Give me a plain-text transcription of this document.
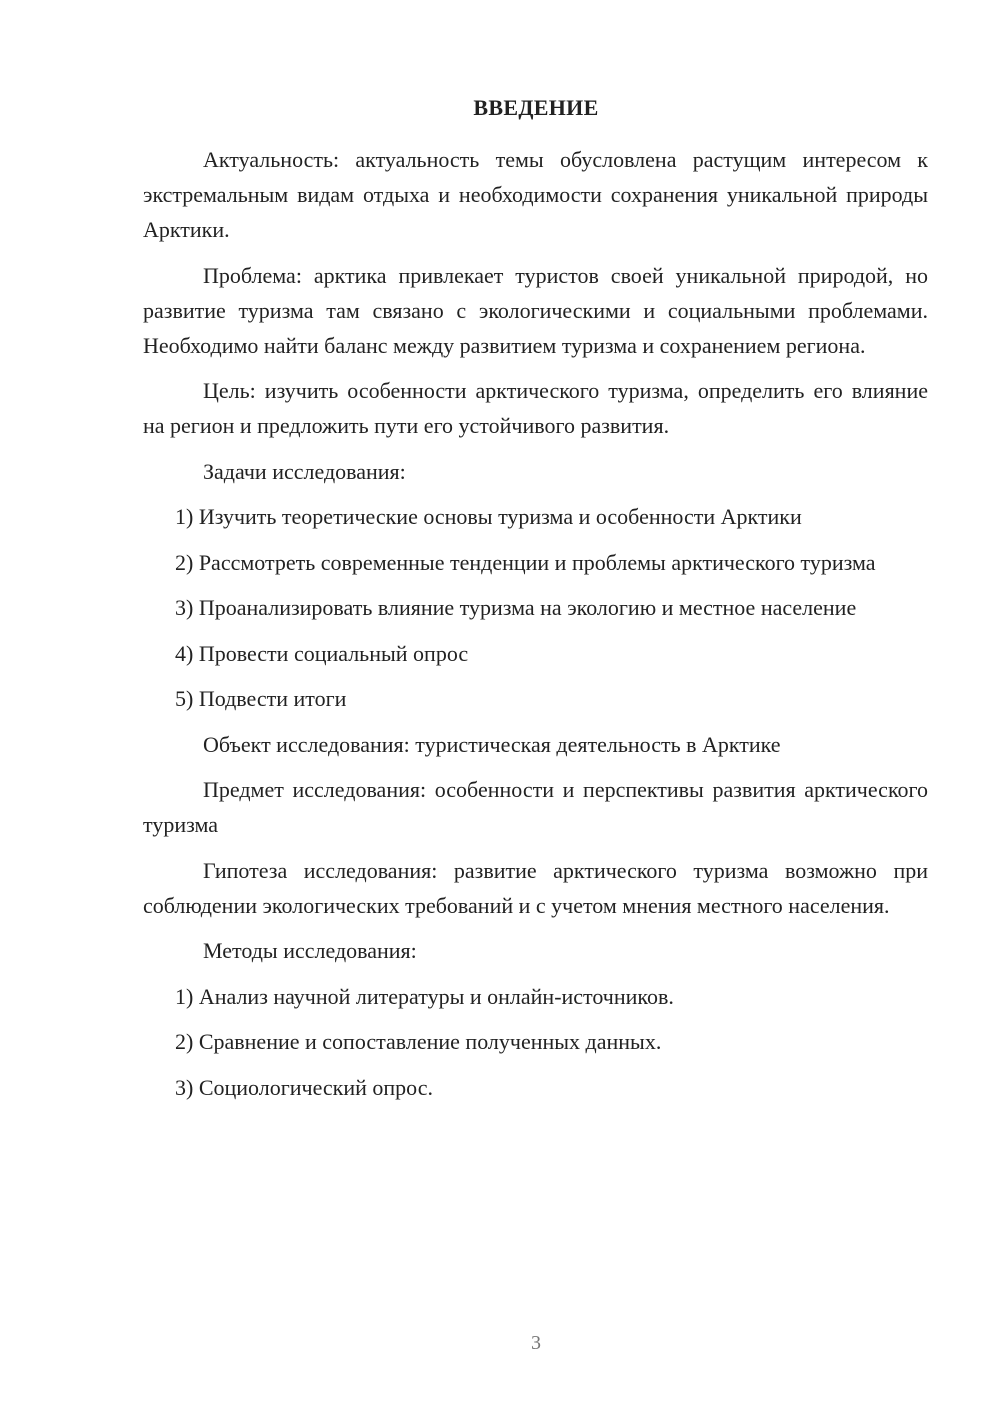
ВВЕДЕНИЕ

Актуальность: актуальность темы обусловлена растущим интересом к экстремальным видам отдыха и необходимости сохранения уникальной природы Арктики.

Проблема: арктика привлекает туристов своей уникальной природой, но развитие туризма там связано с экологическими и социальными проблемами. Необходимо найти баланс между развитием туризма и сохранением региона.

Цель: изучить особенности арктического туризма, определить его влияние на регион и предложить пути его устойчивого развития.

Задачи исследования:

1) Изучить теоретические основы туризма и особенности Арктики

2) Рассмотреть современные тенденции и проблемы арктического туризма

3) Проанализировать влияние туризма на экологию и местное население

4) Провести социальный опрос

5) Подвести итоги

Объект исследования: туристическая деятельность в Арктике

Предмет исследования: особенности и перспективы развития арктического туризма

Гипотеза исследования: развитие арктического туризма возможно при соблюдении экологических требований и с учетом мнения местного населения.

Методы исследования:

1) Анализ научной литературы и онлайн-источников.

2) Сравнение и сопоставление полученных данных.

3) Социологический опрос.

3
